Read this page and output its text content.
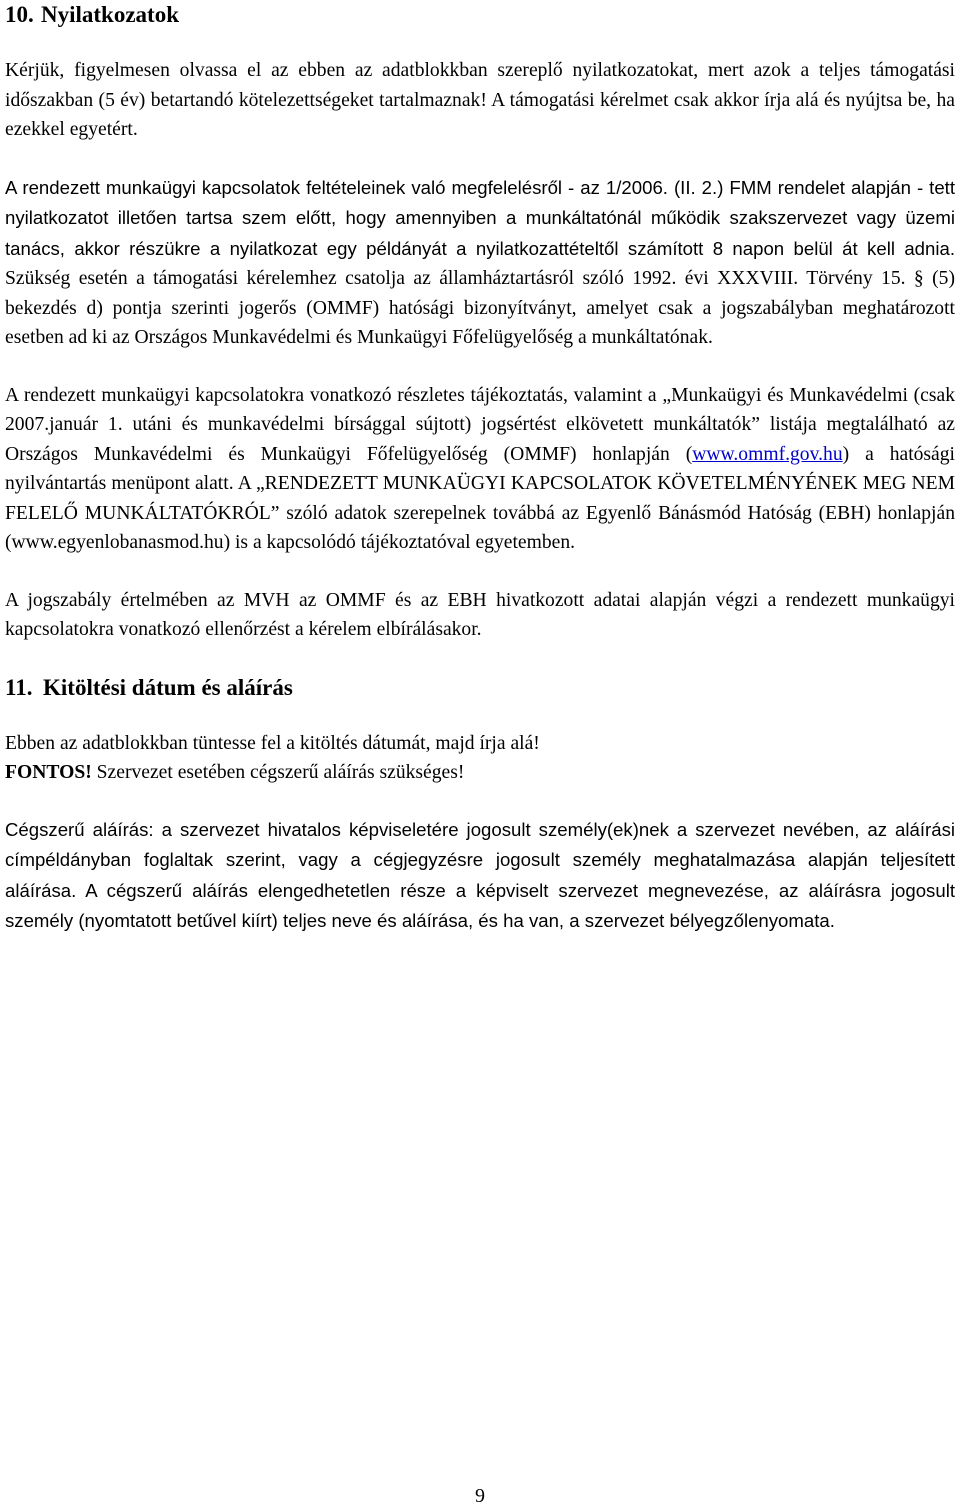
10. Nyilatkozatok

Kérjük, figyelmesen olvassa el az ebben az adatblokkban szereplő nyilatkozatokat, mert azok a teljes támogatási időszakban (5 év) betartandó kötelezettségeket tartalmaznak! A támogatási kérelmet csak akkor írja alá és nyújtsa be, ha ezekkel egyetért.

A rendezett munkaügyi kapcsolatok feltételeinek való megfelelésről - az 1/2006. (II. 2.) FMM rendelet alapján - tett nyilatkozatot illetően tartsa szem előtt, hogy amennyiben a munkáltatónál működik szakszervezet vagy üzemi tanács, akkor részükre a nyilatkozat egy példányát a nyilatkozattételtől számított 8 napon belül át kell adnia. Szükség esetén a támogatási kérelemhez csatolja az államháztartásról szóló 1992. évi XXXVIII. Törvény 15. § (5) bekezdés d) pontja szerinti jogerős (OMMF) hatósági bizonyítványt, amelyet csak a jogszabályban meghatározott esetben ad ki az Országos Munkavédelmi és Munkaügyi Főfelügyelőség a munkáltatónak.

A rendezett munkaügyi kapcsolatokra vonatkozó részletes tájékoztatás, valamint a „Munkaügyi és Munkavédelmi (csak 2007.január 1. utáni és munkavédelmi bírsággal sújtott) jogsértést elkövetett munkáltatók” listája megtalálható az Országos Munkavédelmi és Munkaügyi Főfelügyelőség (OMMF) honlapján (www.ommf.gov.hu) a hatósági nyilvántartás menüpont alatt. A „RENDEZETT MUNKAÜGYI KAPCSOLATOK KÖVETELMÉNYÉNEK MEG NEM FELELŐ MUNKÁLTATÓKRÓL” szóló adatok szerepelnek továbbá az Egyenlő Bánásmód Hatóság (EBH) honlapján (www.egyenlobanasmod.hu) is a kapcsolódó tájékoztatóval egyetemben.

A jogszabály értelmében az MVH az OMMF és az EBH hivatkozott adatai alapján végzi a rendezett munkaügyi kapcsolatokra vonatkozó ellenőrzést a kérelem elbírálásakor.

11. Kitöltési dátum és aláírás

Ebben az adatblokkban tüntesse fel a kitöltés dátumát, majd írja alá!
FONTOS! Szervezet esetében cégszerű aláírás szükséges!

Cégszerű aláírás: a szervezet hivatalos képviseletére jogosult személy(ek)nek a szervezet nevében, az aláírási címpéldányban foglaltak szerint, vagy a cégjegyzésre jogosult személy meghatalmazása alapján teljesített aláírása. A cégszerű aláírás elengedhetetlen része a képviselt szervezet megnevezése, az aláírásra jogosult személy (nyomtatott betűvel kiírt) teljes neve és aláírása, és ha van, a szervezet bélyegzőlenyomata.

9
